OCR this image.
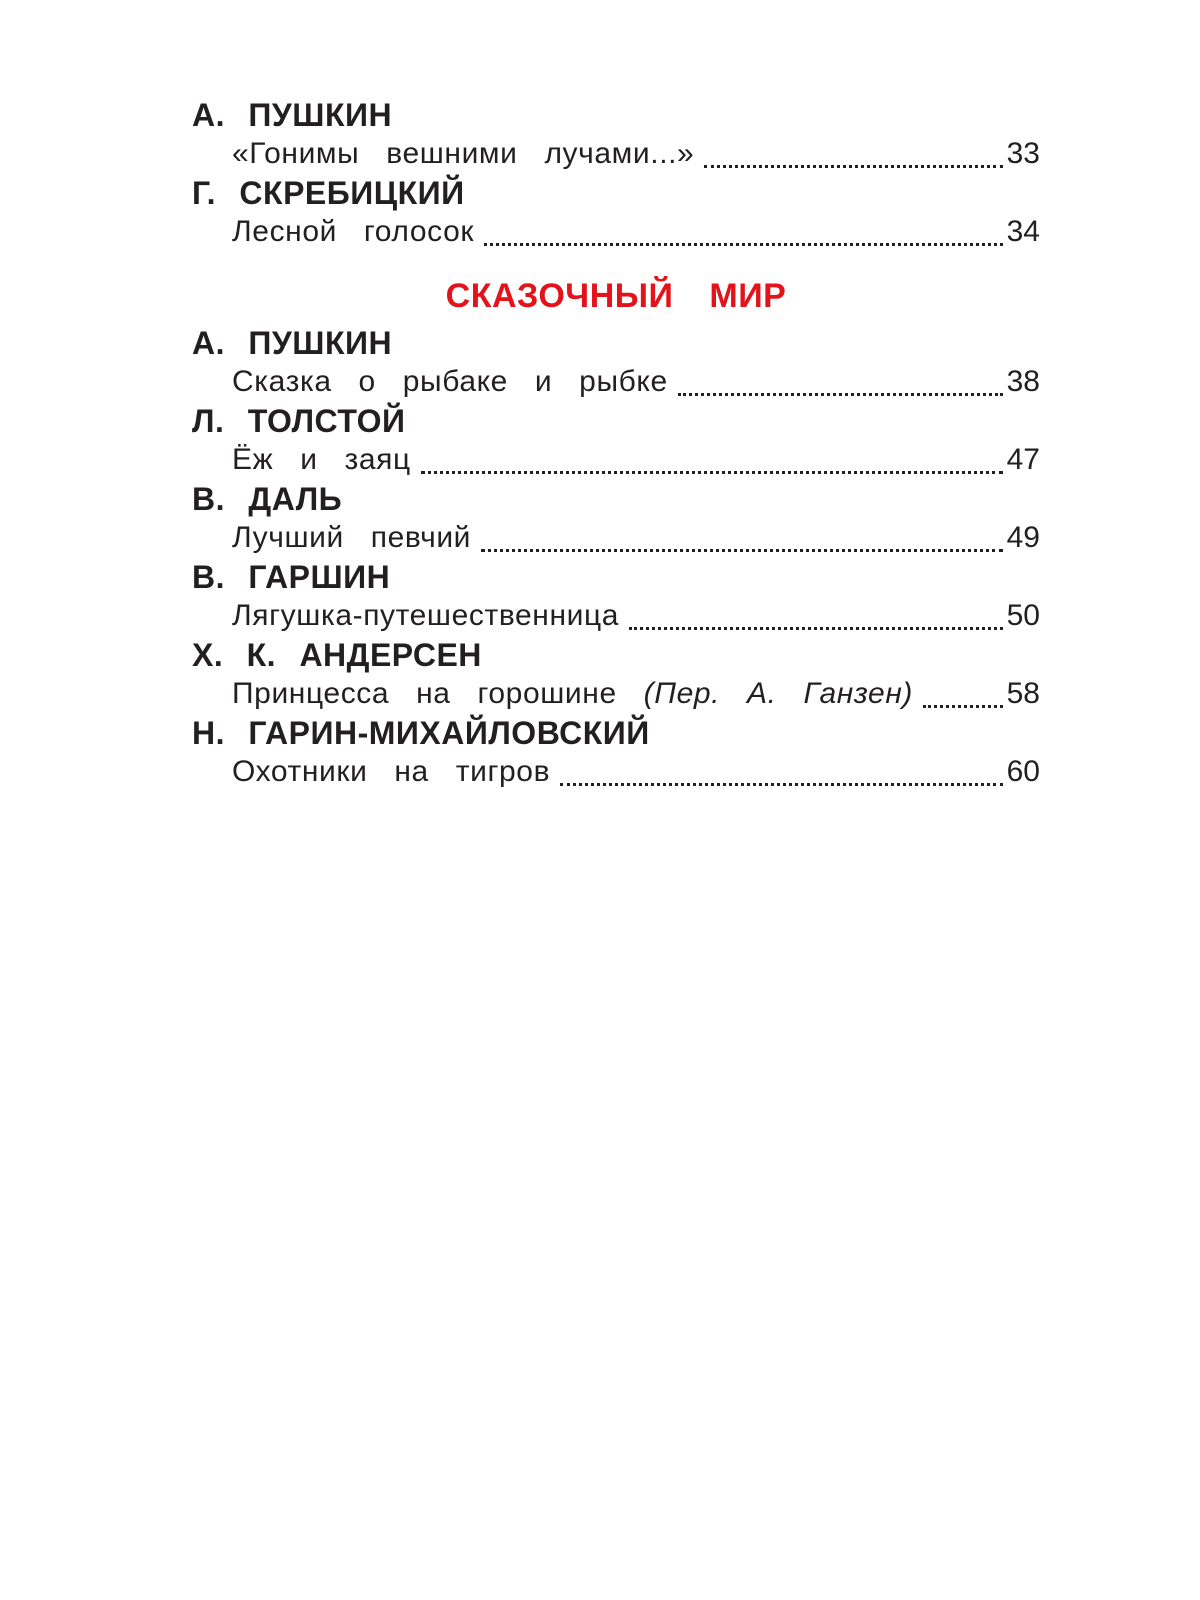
А. ПУШКИН
«Гонимы вешними лучами...»	33
Г. СКРЕБИЦКИЙ
Лесной голосок	34
СКАЗОЧНЫЙ МИР
А. ПУШКИН
Сказка о рыбаке и рыбке	38
Л. ТОЛСТОЙ
Ёж и заяц	47
В. ДАЛЬ
Лучший певчий	49
В. ГАРШИН
Лягушка-путешественница	50
Х. К. АНДЕРСЕН
Принцесса на горошине (Пер. А. Ганзен)	58
Н. ГАРИН-МИХАЙЛОВСКИЙ
Охотники на тигров	60
